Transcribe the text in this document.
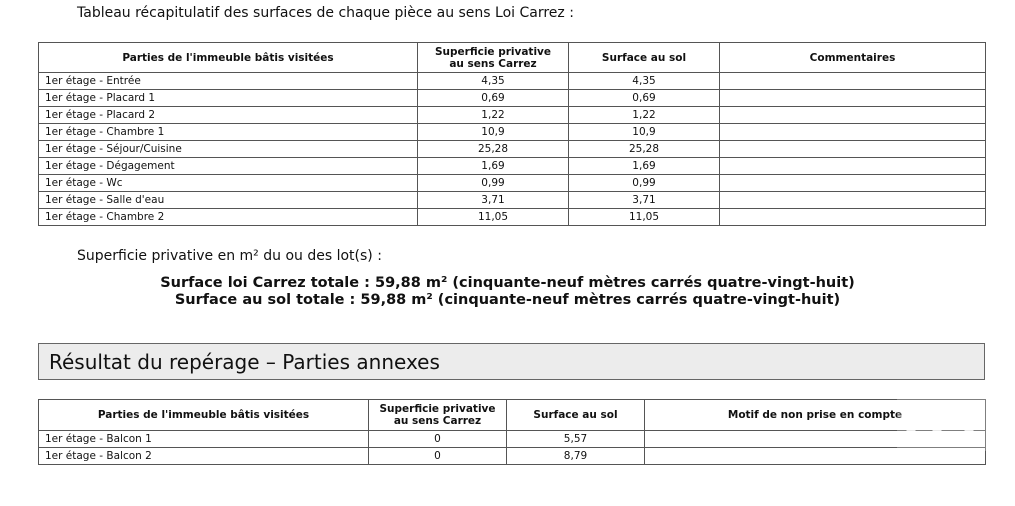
Tableau récapitulatif des surfaces de chaque pièce au sens Loi Carrez :
Parties de l'immeuble bâtis visitées	Superficie privative au sens Carrez	Surface au sol	Commentaires
1er étage - Entrée	4,35	4,35	
1er étage - Placard 1	0,69	0,69	
1er étage - Placard 2	1,22	1,22	
1er étage - Chambre 1	10,9	10,9	
1er étage - Séjour/Cuisine	25,28	25,28	
1er étage - Dégagement	1,69	1,69	
1er étage - Wc	0,99	0,99	
1er étage - Salle d'eau	3,71	3,71	
1er étage - Chambre 2	11,05	11,05	
Superficie privative en m² du ou des lot(s) :
Surface loi Carrez totale : 59,88 m² (cinquante-neuf mètres carrés quatre-vingt-huit)
Surface au sol totale : 59,88 m² (cinquante-neuf mètres carrés quatre-vingt-huit)
Résultat du repérage – Parties annexes
Parties de l'immeuble bâtis visitées	Superficie privative au sens Carrez	Surface au sol	Motif de non prise en compte
1er étage - Balcon 1	0	5,57	
1er étage - Balcon 2	0	8,79	
